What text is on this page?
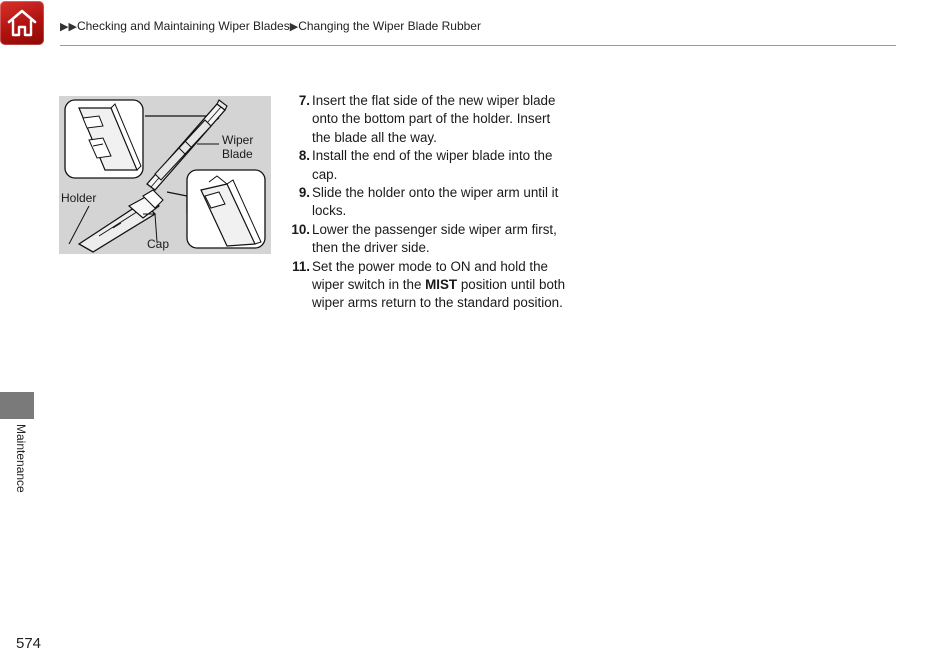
▶▶Checking and Maintaining Wiper Blades▶Changing the Wiper Blade Rubber
Wiper
Blade
Holder
Cap
7. Insert the flat side of the new wiper blade onto the bottom part of the holder. Insert the blade all the way.
8. Install the end of the wiper blade into the cap.
9. Slide the holder onto the wiper arm until it locks.
10. Lower the passenger side wiper arm first, then the driver side.
11. Set the power mode to ON and hold the wiper switch in the MIST position until both wiper arms return to the standard position.
Maintenance
574
